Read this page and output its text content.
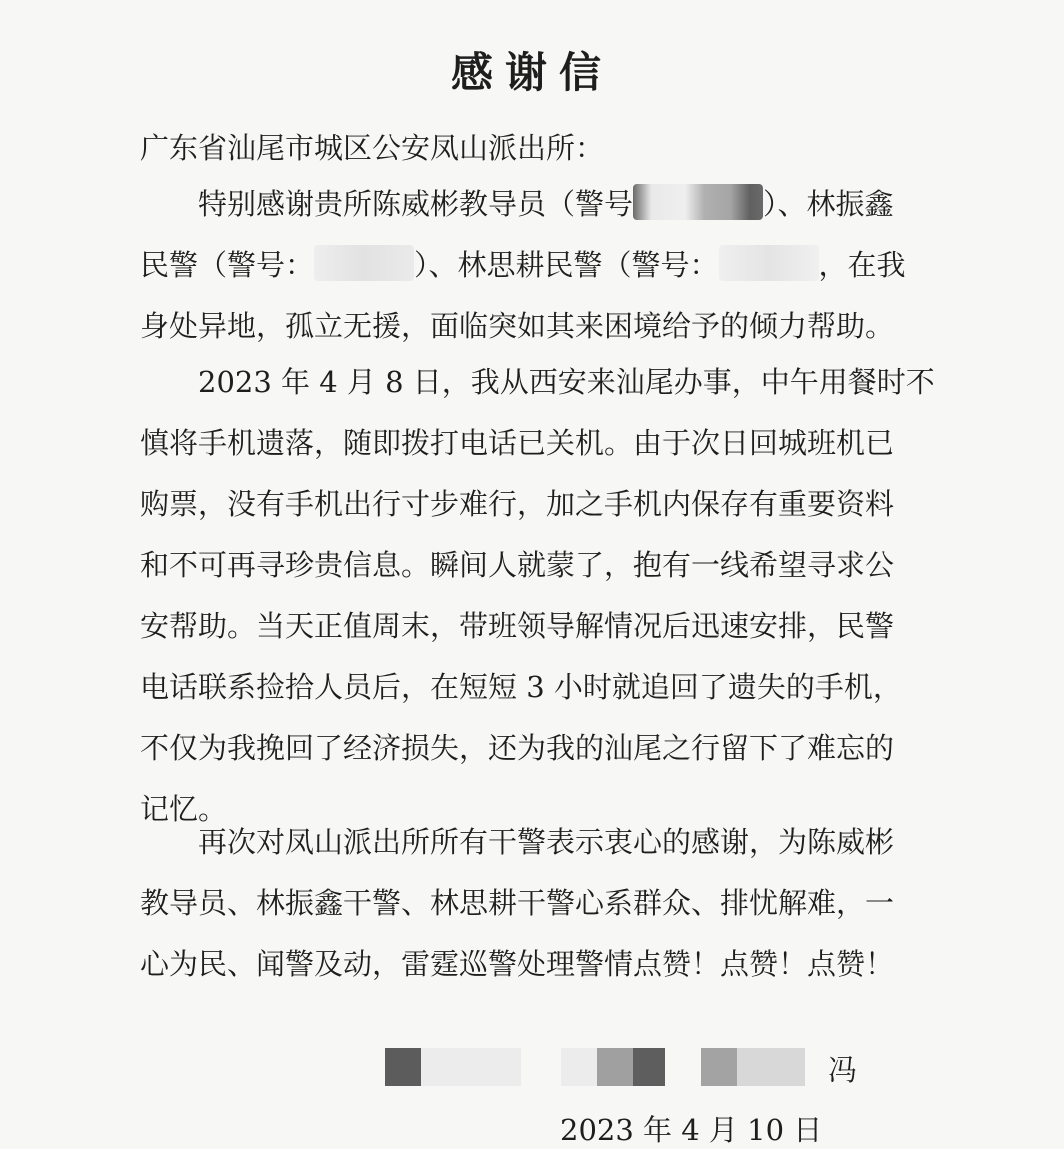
感谢信
广东省汕尾市城区公安凤山派出所：
特别感谢贵所陈威彬教导员（警号	）、林振鑫
民警（警号：	）、林思耕民警（警号：	，在我
身处异地，孤立无援，面临突如其来困境给予的倾力帮助。
2023 年 4 月 8 日，我从西安来汕尾办事，中午用餐时不
慎将手机遗落，随即拨打电话已关机。由于次日回城班机已
购票，没有手机出行寸步难行，加之手机内保存有重要资料
和不可再寻珍贵信息。瞬间人就蒙了，抱有一线希望寻求公
安帮助。当天正值周末，带班领导解情况后迅速安排，民警
电话联系捡拾人员后，在短短 3 小时就追回了遗失的手机，
不仅为我挽回了经济损失，还为我的汕尾之行留下了难忘的
记忆。
再次对凤山派出所所有干警表示衷心的感谢，为陈威彬
教导员、林振鑫干警、林思耕干警心系群众、排忧解难，一
心为民、闻警及动，雷霆巡警处理警情点赞！点赞！点赞！
冯
2023 年 4 月 10 日
